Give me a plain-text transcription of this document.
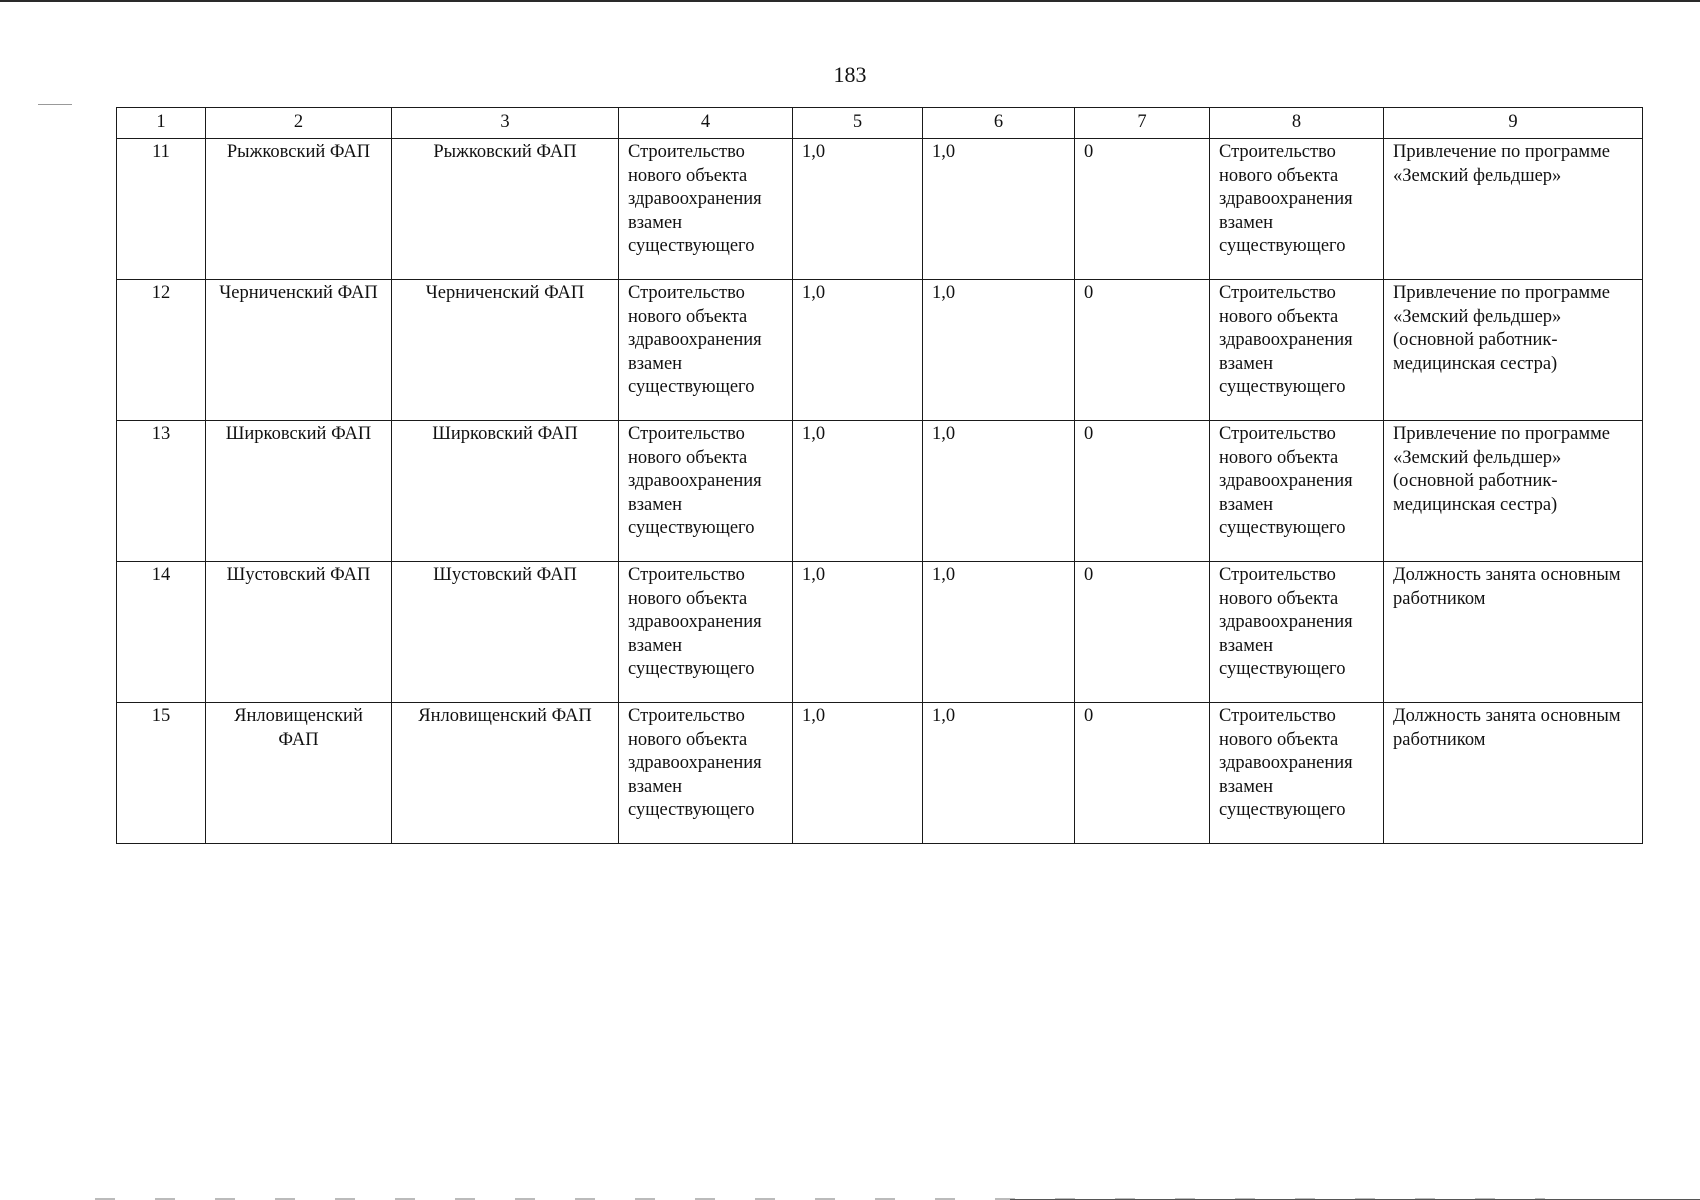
183
1	2	3	4	5	6	7	8	9
11	Рыжковский ФАП	Рыжковский ФАП	Строительство нового объекта здравоохранения взамен существующего	1,0	1,0	0	Строительство нового объекта здравоохранения взамен существующего	Привлечение по программе «Земский фельдшер»
12	Черниченский ФАП	Черниченский ФАП	Строительство нового объекта здравоохранения взамен существующего	1,0	1,0	0	Строительство нового объекта здравоохранения взамен существующего	Привлечение по программе «Земский фельдшер» (основной работник- медицинская сестра)
13	Ширковский ФАП	Ширковский ФАП	Строительство нового объекта здравоохранения взамен существующего	1,0	1,0	0	Строительство нового объекта здравоохранения взамен существующего	Привлечение по программе «Земский фельдшер» (основной работник- медицинская сестра)
14	Шустовский ФАП	Шустовский ФАП	Строительство нового объекта здравоохранения взамен существующего	1,0	1,0	0	Строительство нового объекта здравоохранения взамен существующего	Должность занята основным работником
15	Янловищенский ФАП	Янловищенский ФАП	Строительство нового объекта здравоохранения взамен существующего	1,0	1,0	0	Строительство нового объекта здравоохранения взамен существующего	Должность занята основным работником
